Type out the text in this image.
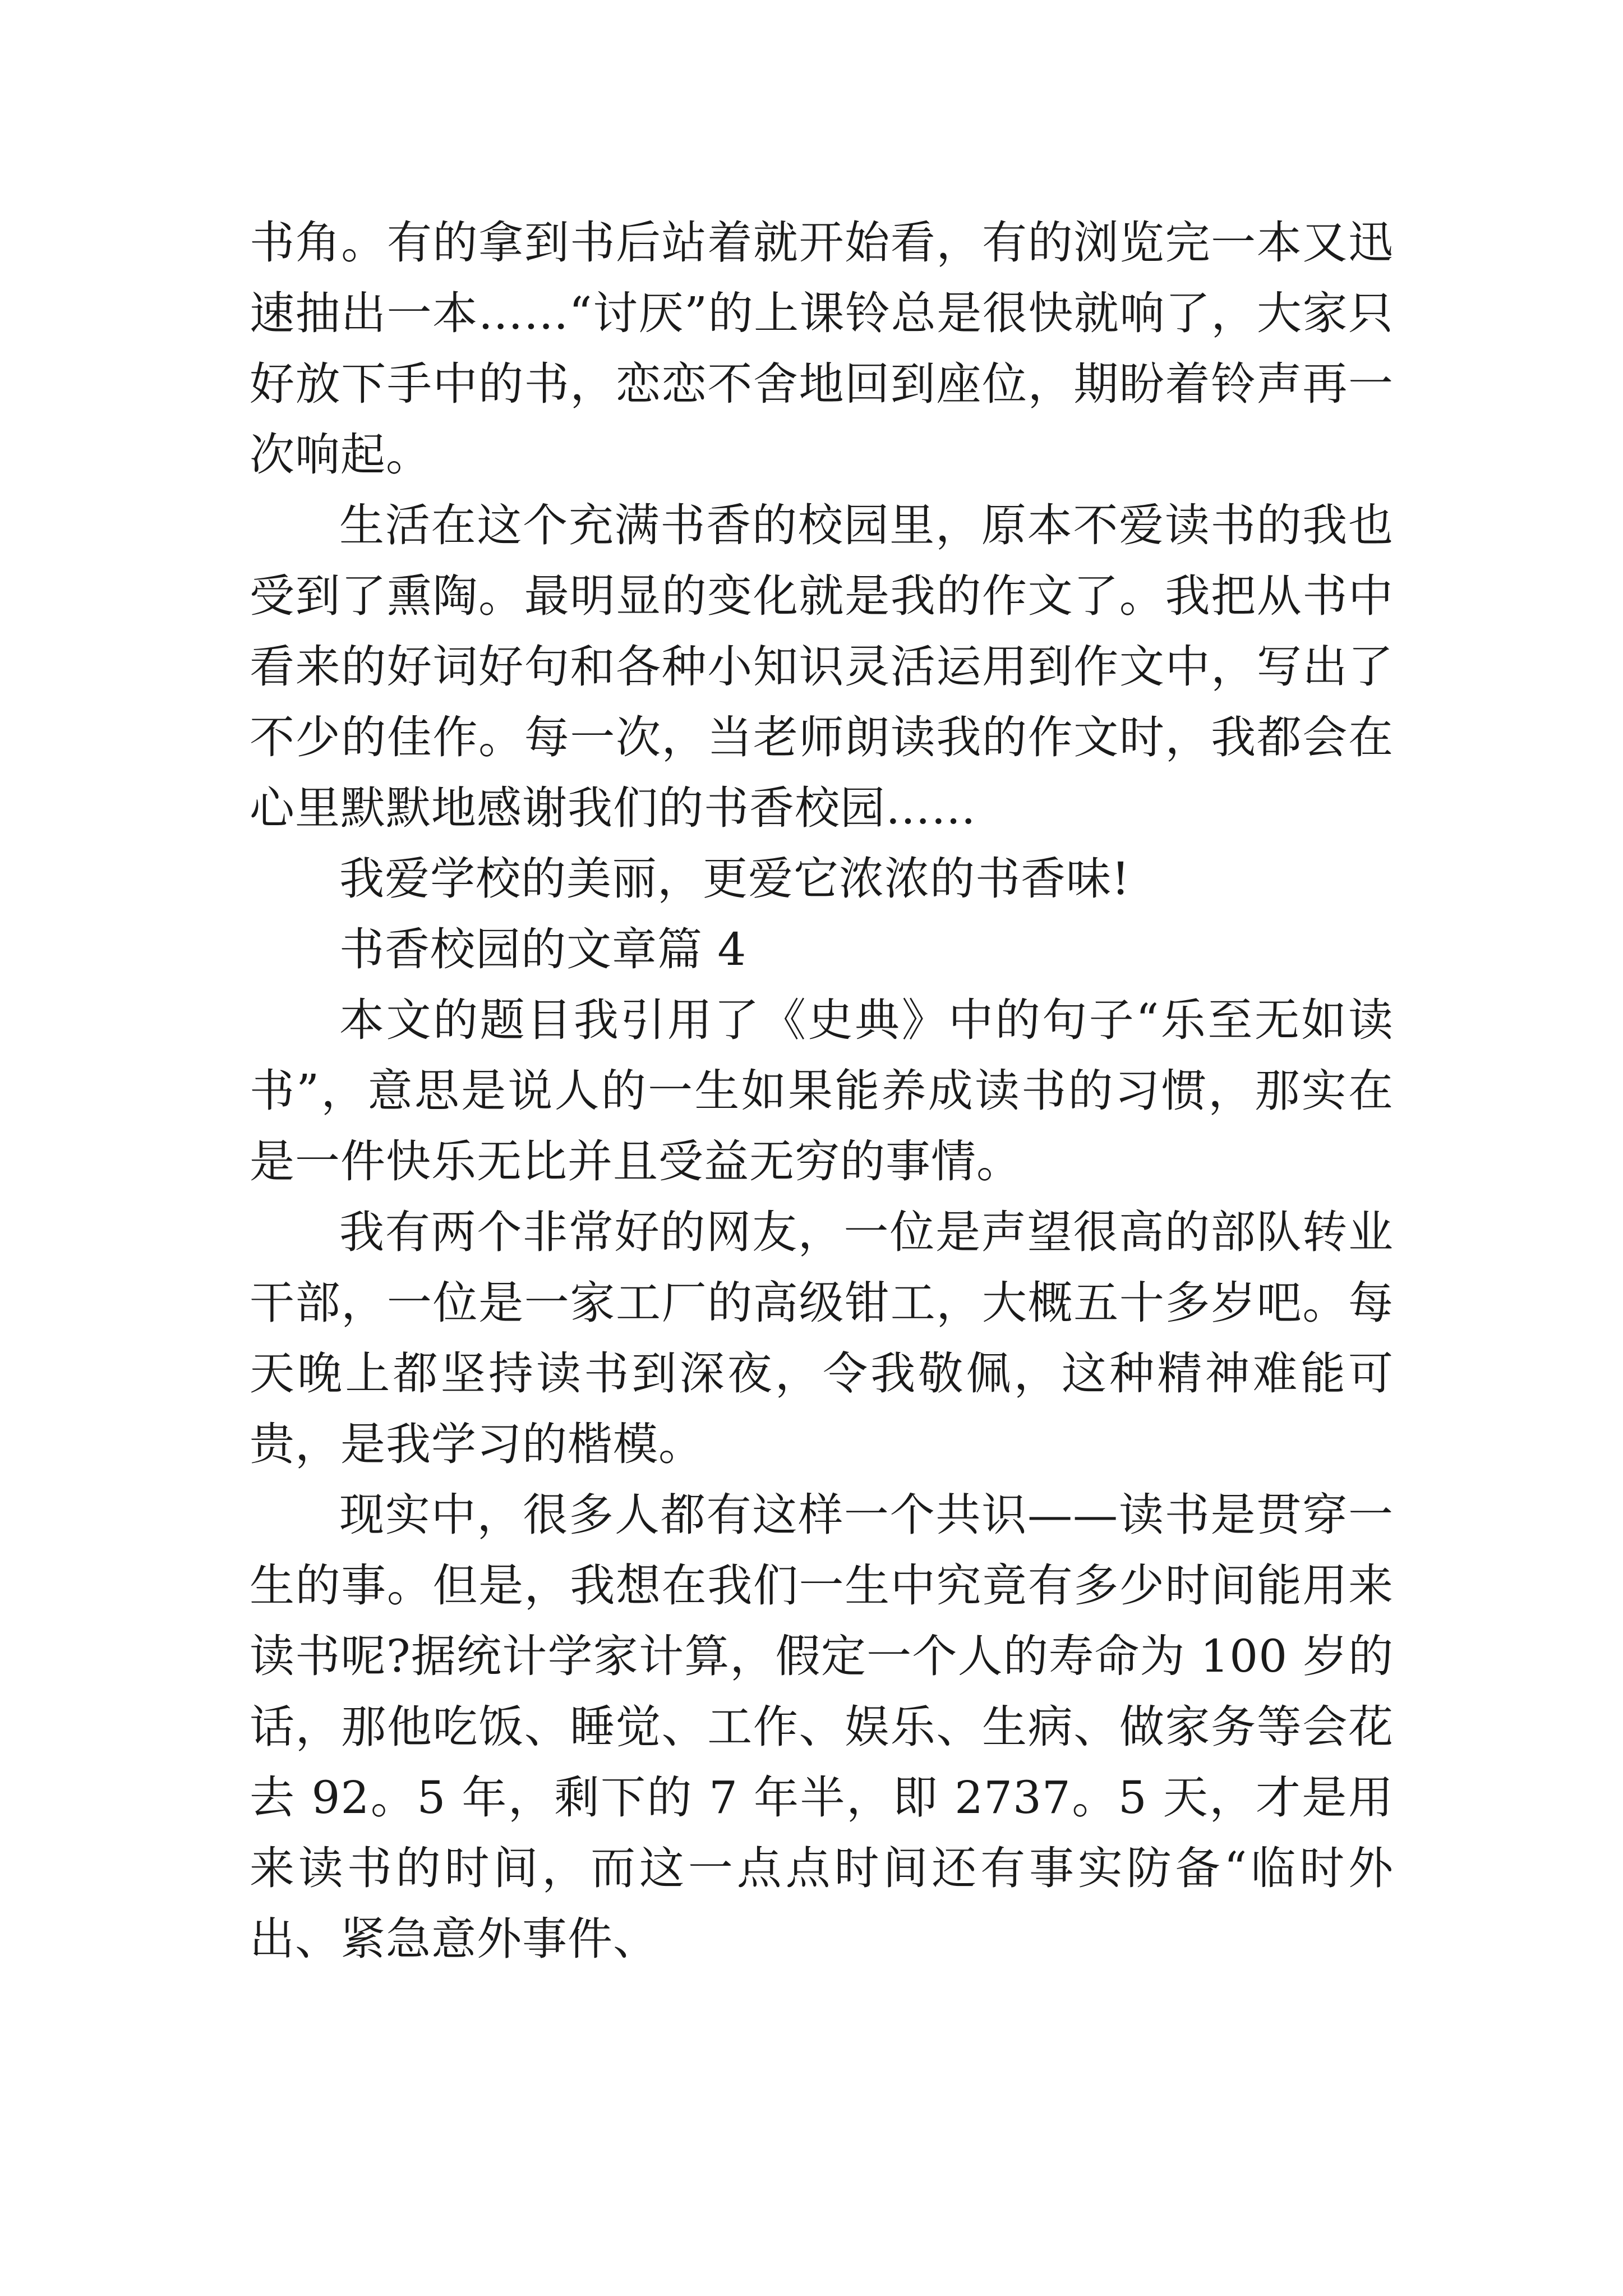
书角。有的拿到书后站着就开始看，有的浏览完一本又迅速抽出一本……“讨厌”的上课铃总是很快就响了，大家只好放下手中的书，恋恋不舍地回到座位，期盼着铃声再一次响起。

生活在这个充满书香的校园里，原本不爱读书的我也受到了熏陶。最明显的变化就是我的作文了。我把从书中看来的好词好句和各种小知识灵活运用到作文中，写出了不少的佳作。每一次，当老师朗读我的作文时，我都会在心里默默地感谢我们的书香校园……

我爱学校的美丽，更爱它浓浓的书香味!

书香校园的文章篇 4

本文的题目我引用了《史典》中的句子“乐至无如读书”，意思是说人的一生如果能养成读书的习惯，那实在是一件快乐无比并且受益无穷的事情。

我有两个非常好的网友，一位是声望很高的部队转业干部，一位是一家工厂的高级钳工，大概五十多岁吧。每天晚上都坚持读书到深夜，令我敬佩，这种精神难能可贵，是我学习的楷模。

现实中，很多人都有这样一个共识——读书是贯穿一生的事。但是，我想在我们一生中究竟有多少时间能用来读书呢?据统计学家计算，假定一个人的寿命为 100 岁的话，那他吃饭、睡觉、工作、娱乐、生病、做家务等会花去 92。5 年，剩下的 7 年半，即 2737。5 天，才是用来读书的时间，而这一点点时间还有事实防备“临时外出、紧急意外事件、
